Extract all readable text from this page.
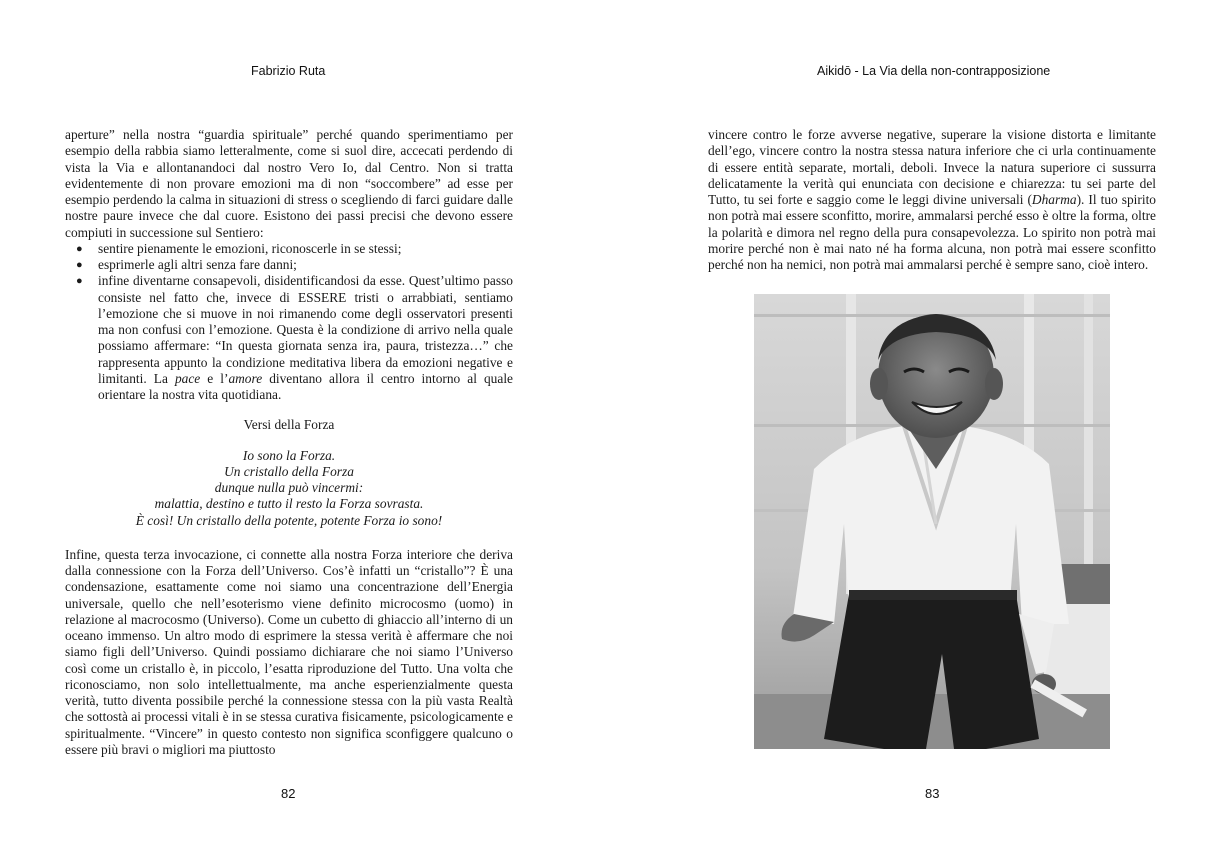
Fabrizio Ruta

aperture” nella nostra “guardia spirituale” perché quando sperimentiamo per esempio della rabbia siamo letteralmente, come si suol dire, accecati perdendo di vista la Via e allontanandoci dal nostro Vero Io, dal Centro. Non si tratta evidentemente di non provare emozioni ma di non “soccombere” ad esse per esempio perdendo la calma in situazioni di stress o scegliendo di farci guidare dalle nostre paure invece che dal cuore. Esistono dei passi precisi che devono essere compiuti in successione sul Sentiero:

● sentire pienamente le emozioni, riconoscerle in se stessi;
● esprimerle agli altri senza fare danni;
● infine diventarne consapevoli, disidentificandosi da esse. Quest’ultimo passo consiste nel fatto che, invece di ESSERE tristi o arrabbiati, sentiamo l’emozione che si muove in noi rimanendo come degli osservatori presenti ma non confusi con l’emozione. Questa è la condizione di arrivo nella quale possiamo affermare: “In questa giornata senza ira, paura, tristezza…” che rappresenta appunto la condizione meditativa libera da emozioni negative e limitanti. La pace e l’amore diventano allora il centro intorno al quale orientare la nostra vita quotidiana.
Versi della Forza
Io sono la Forza.
Un cristallo della Forza
dunque nulla può vincermi:
malattia, destino e tutto il resto la Forza sovrasta.
È così! Un cristallo della potente, potente Forza io sono!

Infine, questa terza invocazione, ci connette alla nostra Forza interiore che deriva dalla connessione con la Forza dell’Universo. Cos’è infatti un “cristallo”? È una condensazione, esattamente come noi siamo una concentrazione dell’Energia universale, quello che nell’esoterismo viene definito microcosmo (uomo) in relazione al macrocosmo (Universo). Come un cubetto di ghiaccio all’interno di un oceano immenso. Un altro modo di esprimere la stessa verità è affermare che noi siamo figli dell’Universo. Quindi possiamo dichiarare che noi siamo l’Universo così come un cristallo è, in piccolo, l’esatta riproduzione del Tutto. Una volta che riconosciamo, non solo intellettualmente, ma anche esperienzialmente questa verità, tutto diventa possibile perché la connessione stessa con la più vasta Realtà che sottostà ai processi vitali è in se stessa curativa fisicamente, psicologicamente e spiritualmente. “Vincere” in questo contesto non significa sconfiggere qualcuno o essere più bravi o migliori ma piuttosto

82
Aikidō - La Via della non-contrapposizione

vincere contro le forze avverse negative, superare la visione distorta e limitante dell’ego, vincere contro la nostra stessa natura inferiore che ci urla continuamente di essere entità separate, mortali, deboli. Invece la natura superiore ci sussurra delicatamente la verità qui enunciata con decisione e chiarezza: tu sei parte del Tutto, tu sei forte e saggio come le leggi divine universali (Dharma). Il tuo spirito non potrà mai essere sconfitto, morire, ammalarsi perché esso è oltre la forma, oltre la polarità e dimora nel regno della pura consapevolezza. Lo spirito non potrà mai morire perché non è mai nato né ha forma alcuna, non potrà mai essere sconfitto perché non ha nemici, non potrà mai ammalarsi perché è sempre sano, cioè intero.

83
